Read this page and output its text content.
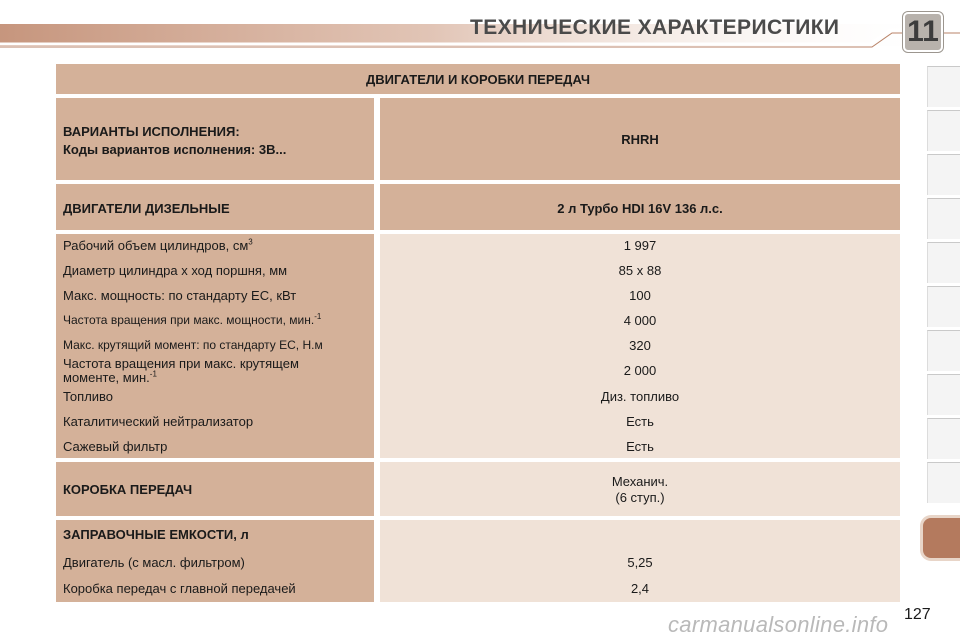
ТЕХНИЧЕСКИЕ ХАРАКТЕРИСТИКИ	11
ДВИГАТЕЛИ И КОРОБКИ ПЕРЕДАЧ
ВАРИАНТЫ ИСПОЛНЕНИЯ:
Коды вариантов исполнения: 3B...
RHRH
ДВИГАТЕЛИ ДИЗЕЛЬНЫЕ	2 л Турбо HDI 16V 136 л.с.
Рабочий объем цилиндров, $см^3$
Диаметр цилиндра х ход поршня, мм
Макс. мощность: по стандарту ЕС, кВт
Частота вращения при макс. мощности, мин.$^{-1}$
Макс. крутящий момент: по стандарту ЕС, Н.м
Частота вращения при макс. крутящем
моменте, мин.$^{-1}$
Топливо
Каталитический нейтрализатор
Сажевый фильтр
1 997
85 x 88
100
4 000
320
2 000
Диз. топливо
Есть
Есть
КОРОБКА ПЕРЕДАЧ
Механич.
(6 ступ.)
ЗАПРАВОЧНЫЕ ЕМКОСТИ, л
Двигатель (с масл. фильтром)
Коробка передач с главной передачей
5,25
2,4
127
carmanualsonline.info
